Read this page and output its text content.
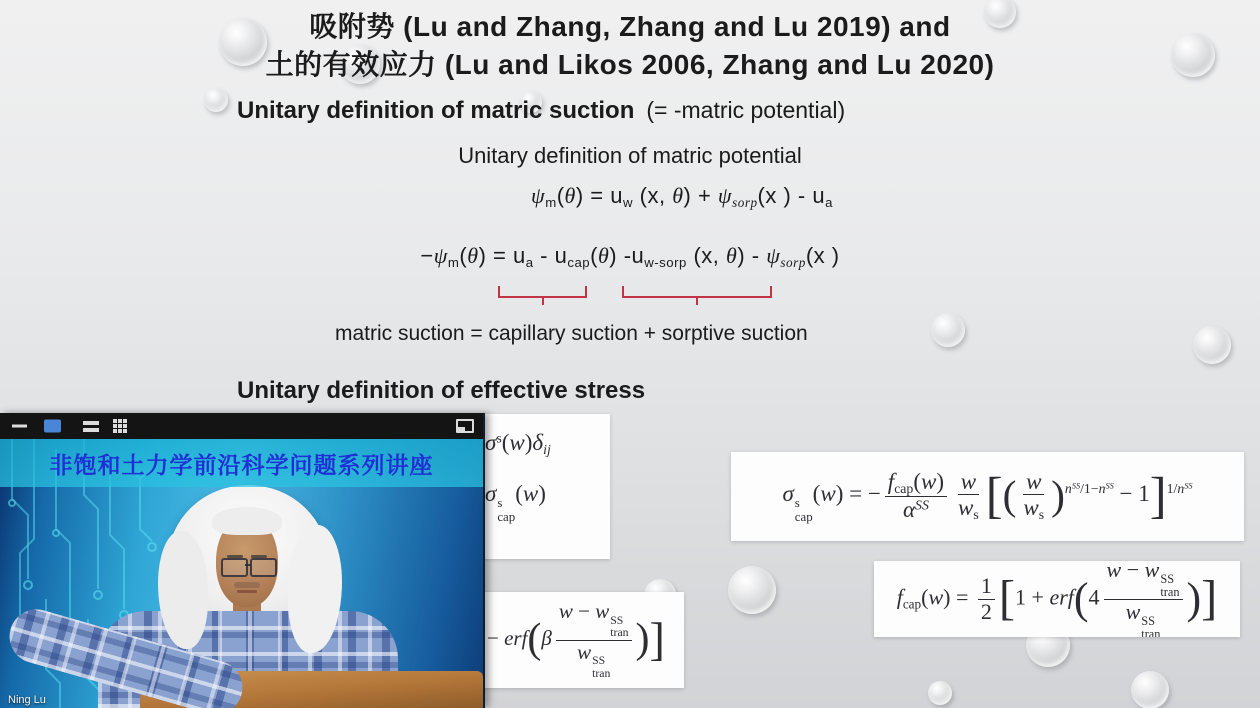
吸附势 (Lu and Zhang, Zhang and Lu 2019) and
土的有效应力 (Lu and Likos 2006, Zhang and Lu 2020)
Unitary definition of matric suction (= -matric potential)
Unitary definition of matric potential
ψm(θ) = uw (x, θ) + ψsorp(x ) - ua
−ψm(θ) = ua - ucap(θ) -uw-sorp (x, θ) - ψsorp(x )
matric suction = capillary suction + sorptive suction
Unitary definition of effective stress
$\sigma^s(w)\delta ij$
σ s
cap
(w)
− erf(β
w − w SS
tran
w SS
tran
)]
σ s
cap
(w) = − fcap(w)
$\alpha^{SS} \frac{w}{ws}$ [( $\frac{w}{ws} )^{n^{SS}/1-n^{SS}} - 1]^{1/n^{SS}}$
fcap(w) = $\frac{1}{2} [1 + erf(4$
w − w SS
tran
w SS
tran
)]
非饱和土力学前沿科学问题系列讲座
Ning Lu
